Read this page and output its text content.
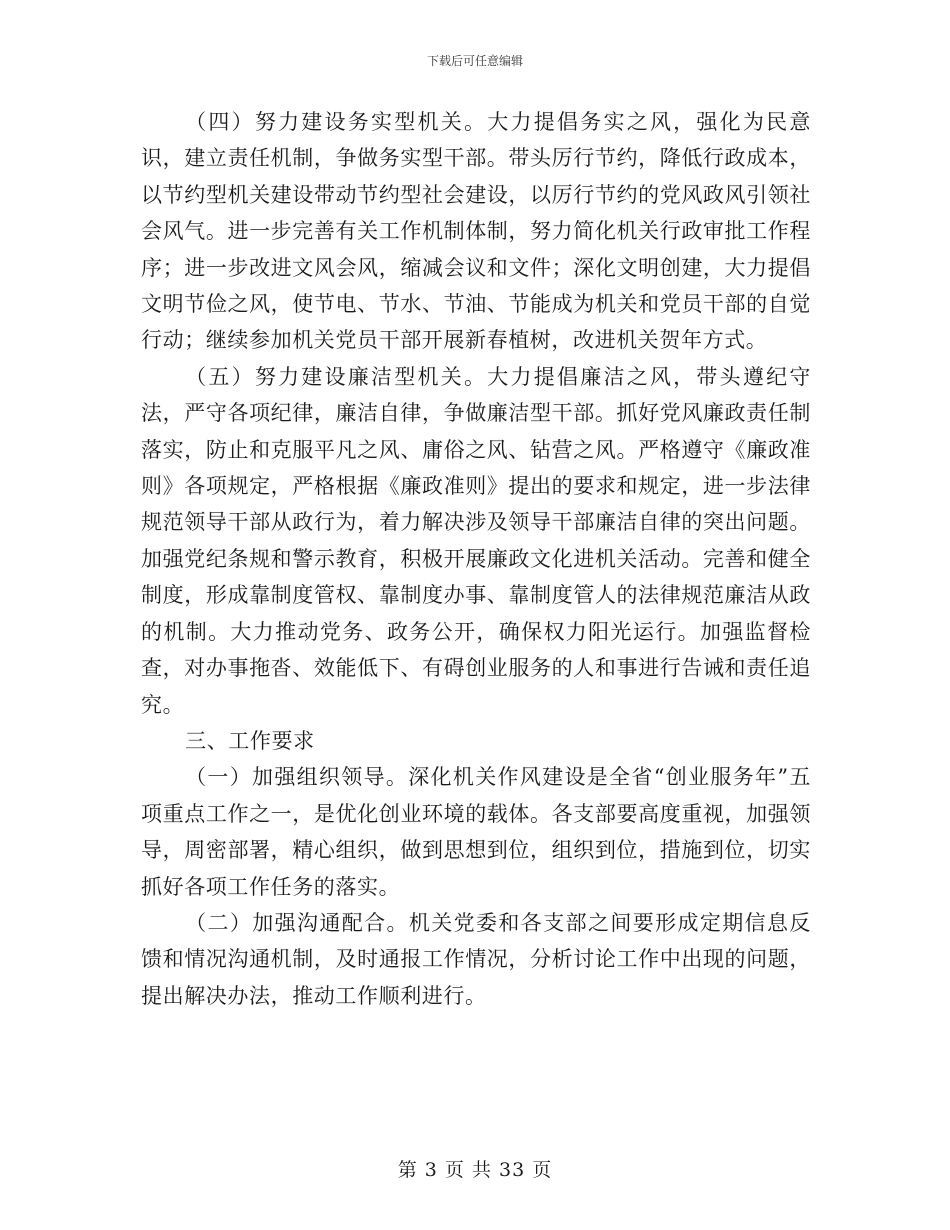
下载后可任意编辑

（四）努力建设务实型机关。大力提倡务实之风，强化为民意识，建立责任机制，争做务实型干部。带头厉行节约，降低行政成本，以节约型机关建设带动节约型社会建设，以厉行节约的党风政风引领社会风气。进一步完善有关工作机制体制，努力简化机关行政审批工作程序；进一步改进文风会风，缩减会议和文件；深化文明创建，大力提倡文明节俭之风，使节电、节水、节油、节能成为机关和党员干部的自觉行动；继续参加机关党员干部开展新春植树，改进机关贺年方式。

（五）努力建设廉洁型机关。大力提倡廉洁之风，带头遵纪守法，严守各项纪律，廉洁自律，争做廉洁型干部。抓好党风廉政责任制落实，防止和克服平凡之风、庸俗之风、钻营之风。严格遵守《廉政准则》各项规定，严格根据《廉政准则》提出的要求和规定，进一步法律规范领导干部从政行为，着力解决涉及领导干部廉洁自律的突出问题。加强党纪条规和警示教育，积极开展廉政文化进机关活动。完善和健全制度，形成靠制度管权、靠制度办事、靠制度管人的法律规范廉洁从政的机制。大力推动党务、政务公开，确保权力阳光运行。加强监督检查，对办事拖沓、效能低下、有碍创业服务的人和事进行告诫和责任追究。

三、工作要求

（一）加强组织领导。深化机关作风建设是全省“创业服务年”五项重点工作之一，是优化创业环境的载体。各支部要高度重视，加强领导，周密部署，精心组织，做到思想到位，组织到位，措施到位，切实抓好各项工作任务的落实。

（二）加强沟通配合。机关党委和各支部之间要形成定期信息反馈和情况沟通机制，及时通报工作情况，分析讨论工作中出现的问题，提出解决办法，推动工作顺利进行。

第 3 页 共 33 页
